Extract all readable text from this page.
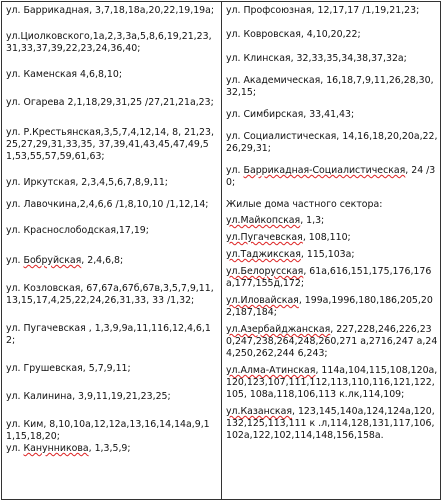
ул. Баррикадная, 3,7,18,18а,20,22,19,19а;
ул.Циолковского,1а,2,3,3а,5,8,6,19,21,23,31,33,37,39,22,23,24,36,40;
ул. Каменская 4,6,8,10;
ул. Огарева 2,1,18,29,31,25 /27,21,21а,23;
ул. Р.Крестьянская,3,5,7,4,12,14, 8, 21,23, 25,27,29,31,33,35, 37,39,41,43,45,47,49,51,53,55,57,59,61,63;
ул. Иркутская, 2,3,4,5,6,7,8,9,11;
ул. Лавочкина,2,4,6,6 /1,8,10,10 /1,12,14;
ул. Краснослободская,17,19;
ул. Бобруйская, 2,4,6,8;
ул. Козловская, 67,67а,67б,67в,3,5,7,9,11,13,15,17,4,25,22,24,26,31,33, 33 /1,32;
ул. Пугачевская , 1,3,9,9а,11,116,12,4,6,12;
ул. Грушевская, 5,7,9,11;
ул. Калинина, 3,9,11,19,21,23,25;
ул. Ким, 8,10,10а,12,12а,13,16,14,14а,9,11,15,18,20;
ул. Канунникова, 1,3,5,9;
ул. Профсоюзная, 12,17,17 /1,19,21,23;
ул. Ковровская, 4,10,20,22;
ул. Клинская, 32,33,35,34,38,37,32а;
ул. Академическая, 16,18,7,9,11,26,28,30,32,15;
ул. Симбирская, 33,41,43;
ул. Социалистическая, 14,16,18,20,20а,22,26,29,31;
ул. Баррикадная-Социалистическая, 24 /30;
Жилые дома частного сектора:
ул.Майкопская, 1,3;
ул.Пугачевская, 108,110;
ул.Таджикская, 115,103а;
ул.Белорусская, 61а,616,151,175,176,176а,177,155д,172;
ул.Иловайская, 199а,1996,180,186,205,202,187,184;
ул.Азербайджанская, 227,228,246,226,230,247,238,264,248,260,271 а,2716,247 а,244,250,262,244 6,243;
ул.Алма-Атинская, 114а,104,115,108,120а,120,123,107,111,112,113,110,116,121,122,105, 108а,118,106,113 к.лк,114,109;
ул.Казанская, 123,145,140а,124,124а,120,132,125,113,111 к .л,114,128,131,117,106,102а,122,102,114,148,156,158а.
